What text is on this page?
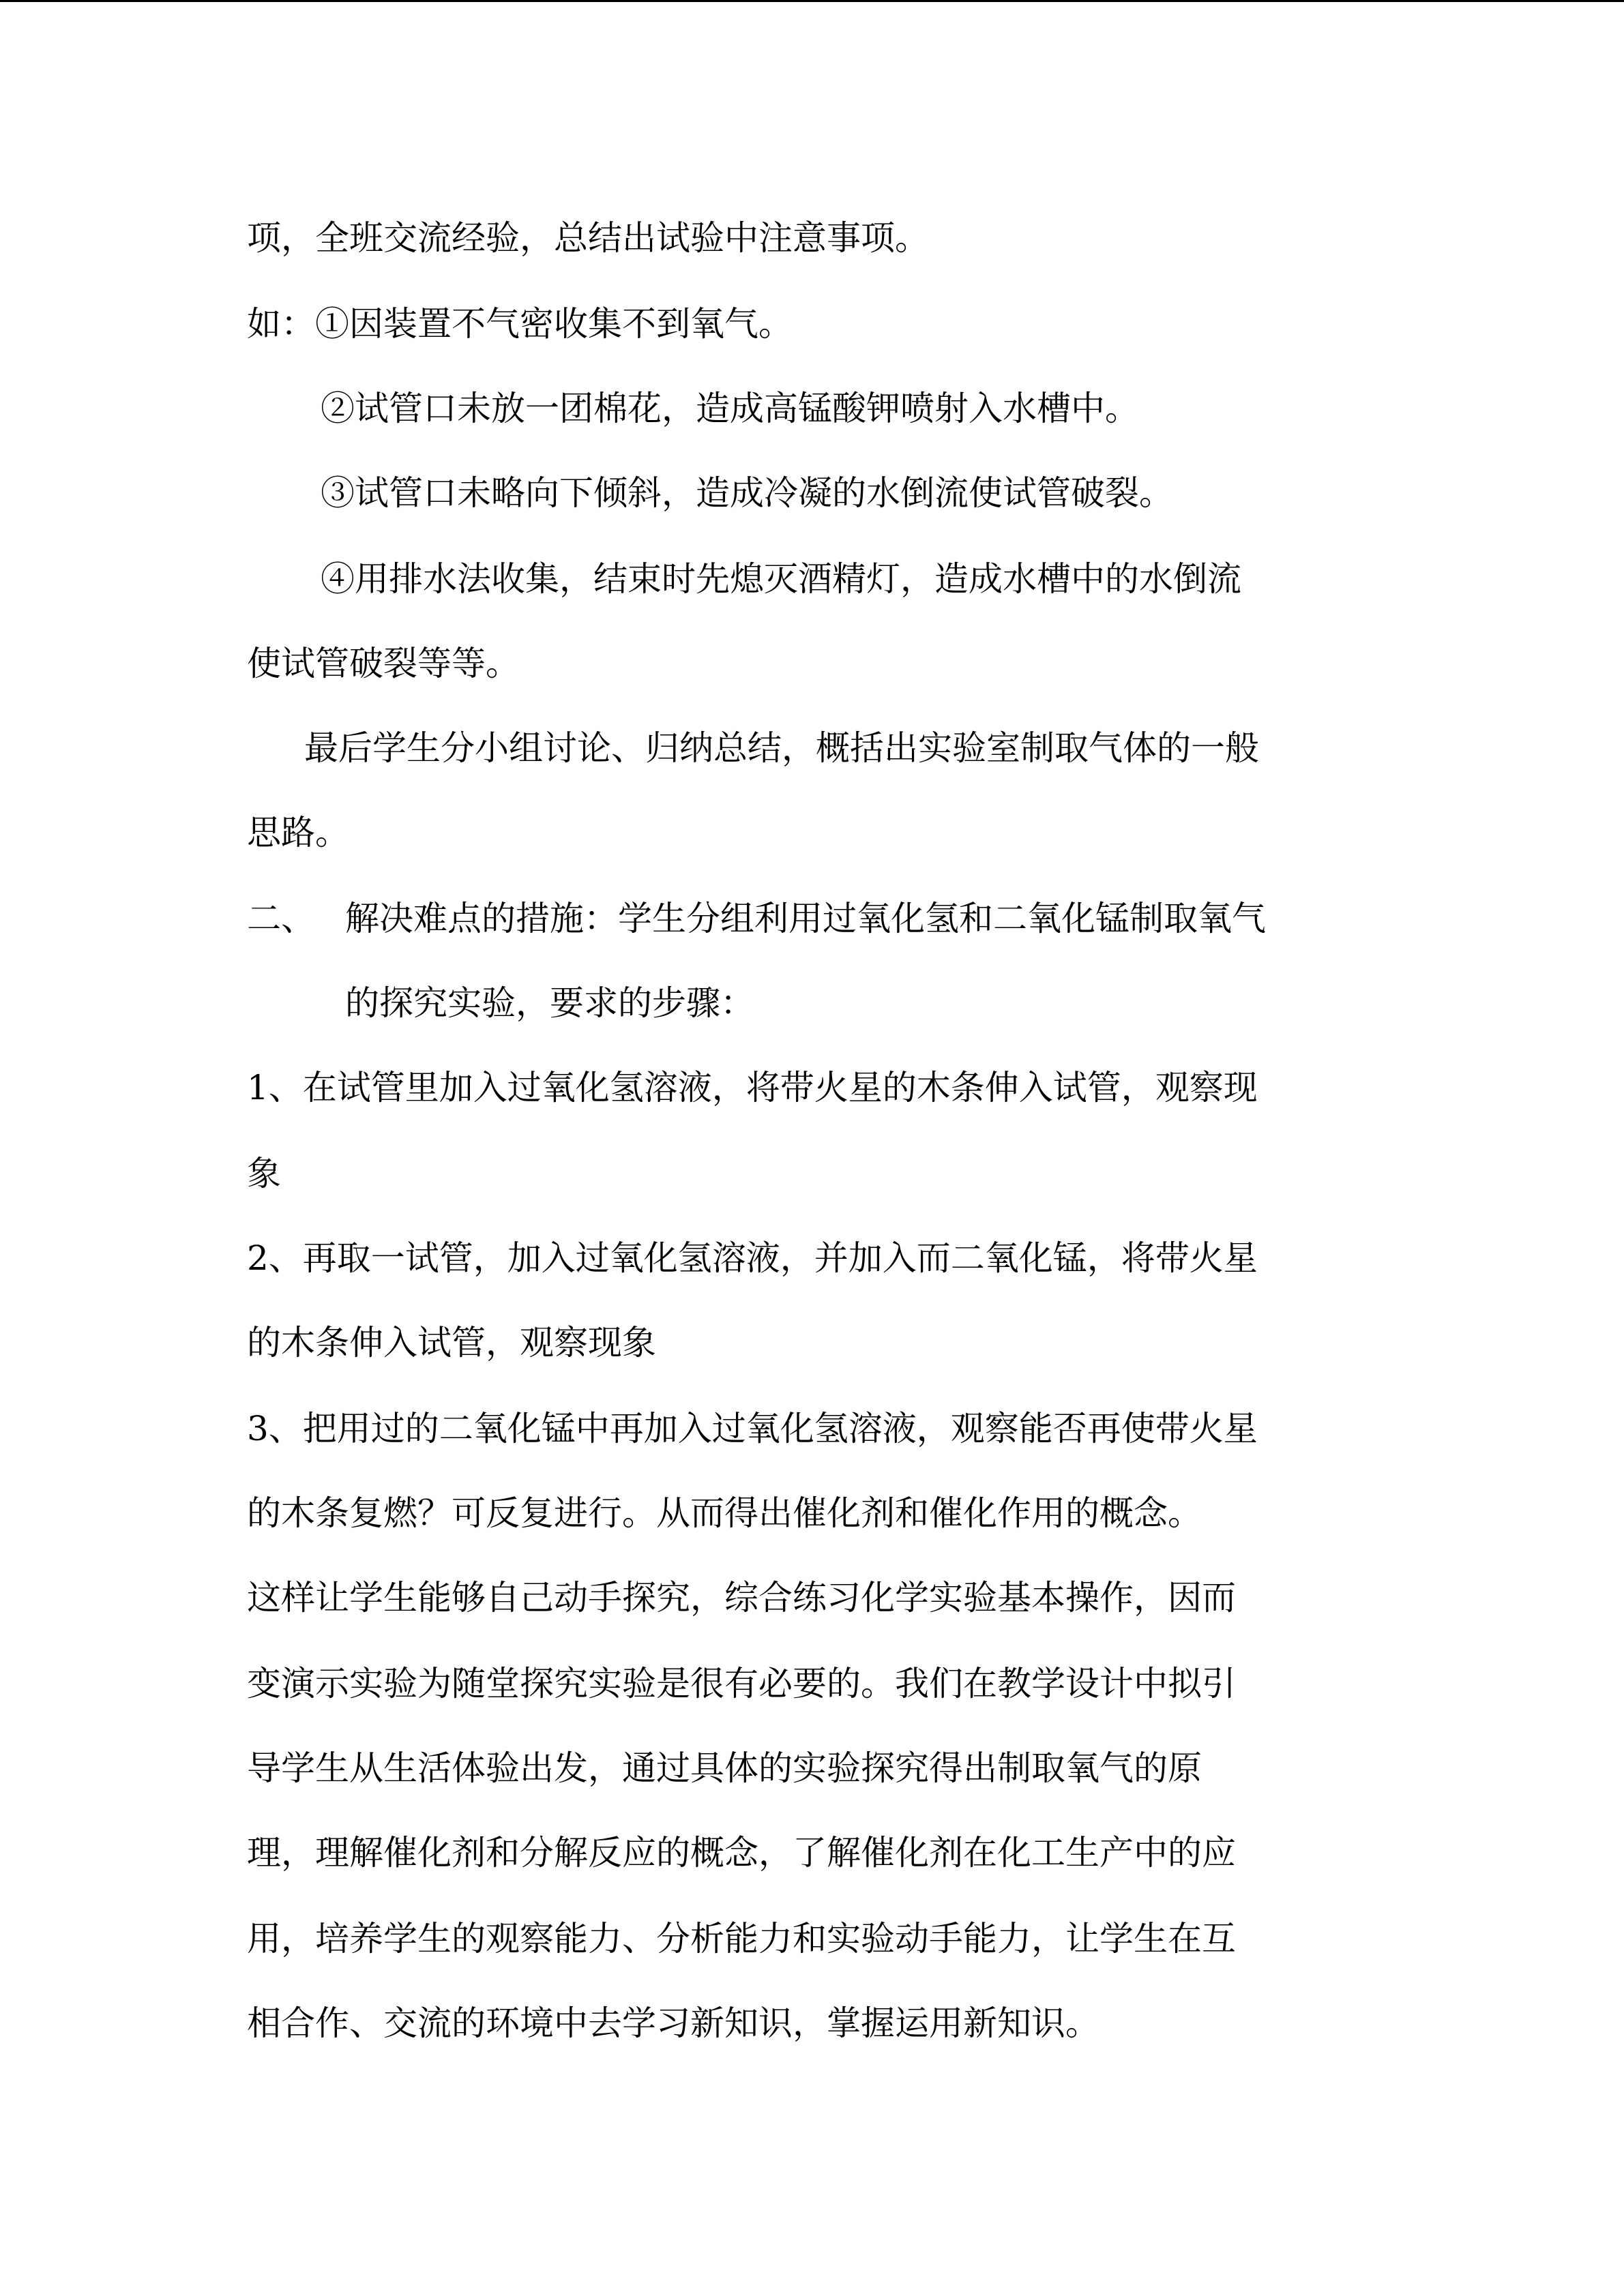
项，全班交流经验，总结出试验中注意事项。
如：①因装置不气密收集不到氧气。
②试管口未放一团棉花，造成高锰酸钾喷射入水槽中。
③试管口未略向下倾斜，造成冷凝的水倒流使试管破裂。
④用排水法收集，结束时先熄灭酒精灯，造成水槽中的水倒流
使试管破裂等等。
最后学生分小组讨论、归纳总结，概括出实验室制取气体的一般
思路。
二、 解决难点的措施：学生分组利用过氧化氢和二氧化锰制取氧气
的探究实验，要求的步骤：
1、在试管里加入过氧化氢溶液，将带火星的木条伸入试管，观察现
象
2、再取一试管，加入过氧化氢溶液，并加入而二氧化锰，将带火星
的木条伸入试管，观察现象
3、把用过的二氧化锰中再加入过氧化氢溶液，观察能否再使带火星
的木条复燃？可反复进行。从而得出催化剂和催化作用的概念。
这样让学生能够自己动手探究，综合练习化学实验基本操作，因而
变演示实验为随堂探究实验是很有必要的。我们在教学设计中拟引
导学生从生活体验出发，通过具体的实验探究得出制取氧气的原
理，理解催化剂和分解反应的概念，了解催化剂在化工生产中的应
用，培养学生的观察能力、分析能力和实验动手能力，让学生在互
相合作、交流的环境中去学习新知识，掌握运用新知识。
